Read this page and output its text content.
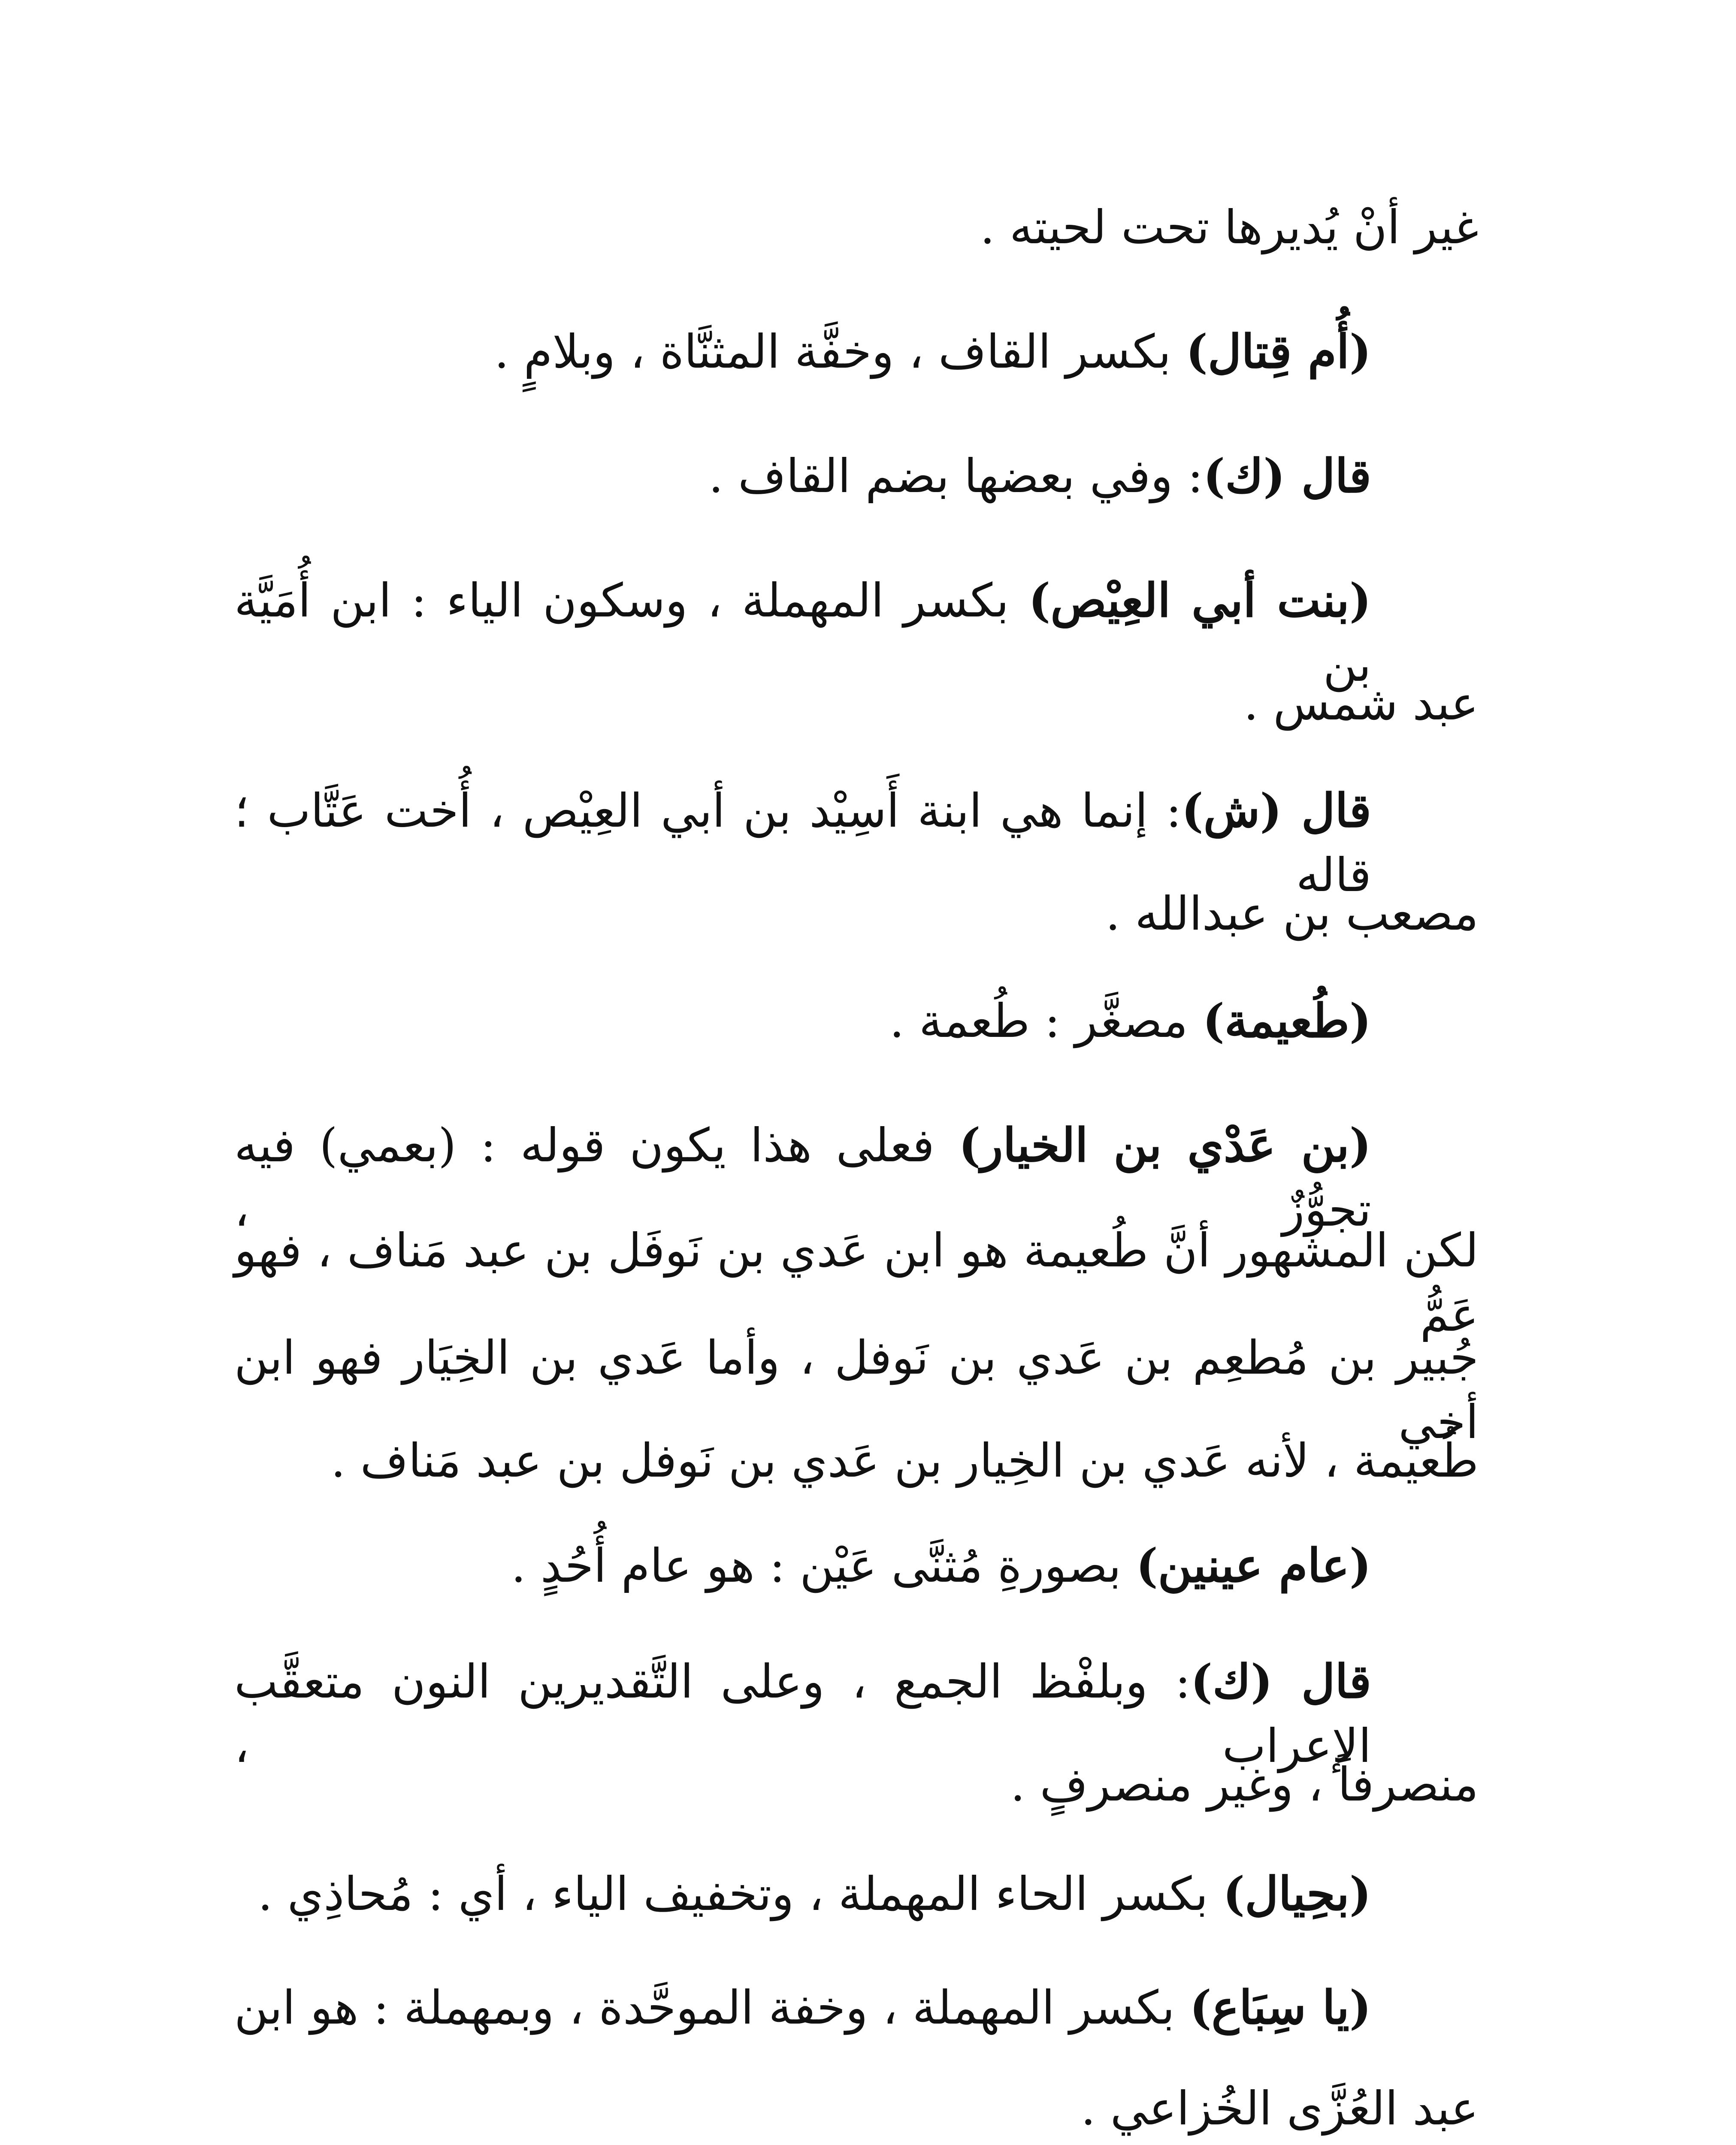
غير أنْ يُديرها تحت لحيته .
(أُم قِتال) بكسر القاف ، وخفَّة المثنَّاة ، وبلامٍ .
قال (ك): وفي بعضها بضم القاف .
(بنت أبي العِيْص) بكسر المهملة ، وسكون الياء : ابن أُمَيَّة بن
عبد شمس .
قال (ش): إنما هي ابنة أَسِيْد بن أبي العِيْص ، أُخت عَتَّاب ؛ قاله
مصعب بن عبدالله .
(طُعيمة) مصغَّر : طُعمة .
(بن عَدْي بن الخيار) فعلى هذا يكون قوله : (بعمي) فيه تجوُّزٌ ،
لكن المشهور أنَّ طُعيمة هو ابن عَدي بن نَوفَل بن عبد مَناف ، فهو عَمُّ
جُبير بن مُطعِم بن عَدي بن نَوفل ، وأما عَدي بن الخِيَار فهو ابن أخي
طُعيمة ، لأنه عَدي بن الخِيار بن عَدي بن نَوفل بن عبد مَناف .
(عام عينين) بصورةِ مُثنَّى عَيْن : هو عام أُحُدٍ .
قال (ك): وبلفْظ الجمع ، وعلى التَّقديرين النون متعقَّب الإعراب ،
منصرفاً ، وغير منصرفٍ .
(بحِيال) بكسر الحاء المهملة ، وتخفيف الياء ، أي : مُحاذِي .
(يا سِبَاع) بكسر المهملة ، وخفة الموحَّدة ، وبمهملة : هو ابن
عبد العُزَّى الخُزاعي .
